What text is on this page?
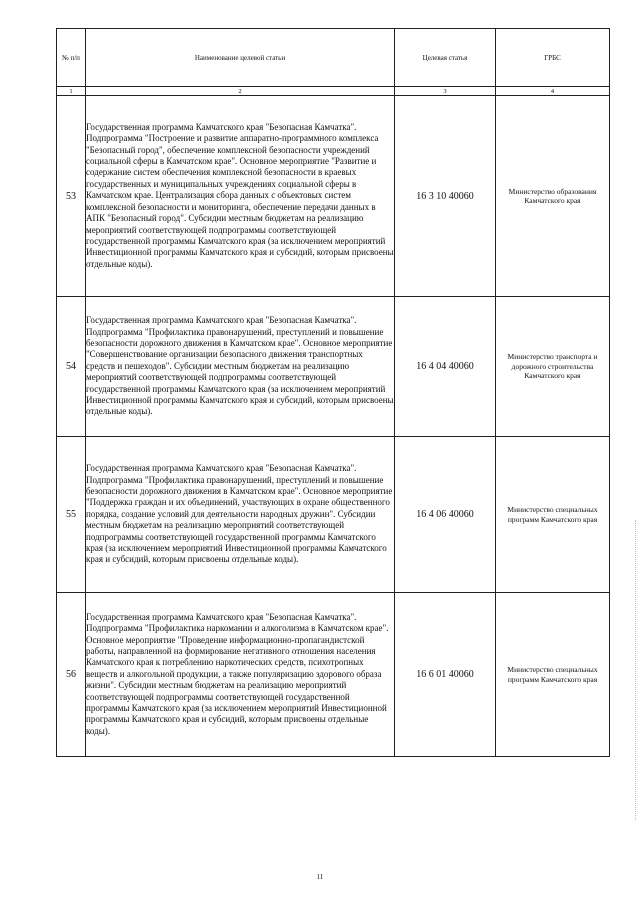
№ п/п	Наименование целевой статьи	Целевая статья	ГРБС
1	2	3	4
53	Государственная программа Камчатского края "Безопасная Камчатка". Подпрограмма "Построение и развитие аппаратно-программного комплекса "Безопасный город", обеспечение комплексной безопасности учреждений социальной сферы в Камчатском крае". Основное мероприятие "Развитие и содержание систем обеспечения комплексной безопасности в краевых государственных и муниципальных учреждениях социальной сферы в Камчатском крае. Централизация сбора данных с объектовых систем комплексной безопасности и мониторинга, обеспечение передачи данных в АПК "Безопасный город". Субсидии местным бюджетам на реализацию мероприятий соответствующей подпрограммы соответствующей государственной программы Камчатского края (за исключением мероприятий Инвестиционной программы Камчатского края и субсидий, которым присвоены отдельные коды).	16 3 10 40060	Министерство образования Камчатского края
54	Государственная программа Камчатского края "Безопасная Камчатка". Подпрограмма "Профилактика правонарушений, преступлений и повышение безопасности дорожного движения в Камчатском крае". Основное мероприятие "Совершенствование организации безопасного движения транспортных средств и пешеходов". Субсидии местным бюджетам на реализацию мероприятий соответствующей подпрограммы соответствующей государственной программы Камчатского края (за исключением мероприятий Инвестиционной программы Камчатского края и субсидий, которым присвоены отдельные коды).	16 4 04 40060	Министерство транспорта и дорожного строительства Камчатского края
55	Государственная программа Камчатского края "Безопасная Камчатка". Подпрограмма "Профилактика правонарушений, преступлений и повышение безопасности дорожного движения в Камчатском крае". Основное мероприятие "Поддержка граждан и их объединений, участвующих в охране общественного порядка, создание условий для деятельности народных дружин". Субсидии местным бюджетам на реализацию мероприятий соответствующей подпрограммы соответствующей государственной программы Камчатского края (за исключением мероприятий Инвестиционной программы Камчатского края и субсидий, которым присвоены отдельные коды).	16 4 06 40060	Министерство специальных программ Камчатского края
56	Государственная программа Камчатского края "Безопасная Камчатка". Подпрограмма "Профилактика наркомании и алкоголизма в Камчатском крае". Основное мероприятие "Проведение информационно-пропагандистской работы, направленной на формирование негативного отношения населения Камчатского края к потреблению наркотических средств, психотропных веществ и алкогольной продукции, а также популяризацию здорового образа жизни". Субсидии местным бюджетам на реализацию мероприятий соответствующей подпрограммы соответствующей государственной программы Камчатского края (за исключением мероприятий Инвестиционной программы Камчатского края и субсидий, которым присвоены отдельные коды).	16 6 01 40060	Министерство специальных программ Камчатского края
11
